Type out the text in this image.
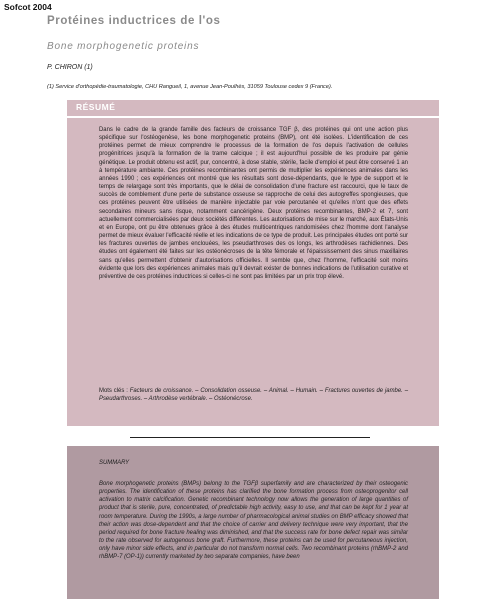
Sofcot 2004
Protéines inductrices de l'os
Bone morphogenetic proteins
P. CHIRON (1)
(1) Service d'orthopédie-traumatologie, CHU Rangueil, 1, avenue Jean-Poulhès, 31059 Toulouse cedex 9 (France).
RÉSUMÉ

Dans le cadre de la grande famille des facteurs de croissance TGF β, des protéines qui ont une action plus spécifique sur l'ostéogenèse, les bone morphogenetic proteins (BMP), ont été isolées. L'identification de ces protéines permet de mieux comprendre le processus de la formation de l'os depuis l'activation de cellules progénitrices jusqu'à la formation de la trame calcique ; il est aujourd'hui possible de les produire par génie génétique. Le produit obtenu est actif, pur, concentré, à dose stable, stérile, facile d'emploi et peut être conservé 1 an à température ambiante. Ces protéines recombinantes ont permis de multiplier les expériences animales dans les années 1990 ; ces expériences ont montré que les résultats sont dose-dépendants, que le type de support et le temps de relargage sont très importants, que le délai de consolidation d'une fracture est raccourci, que le taux de succès de comblement d'une perte de substance osseuse se rapproche de celui des autogreffes spongieuses, que ces protéines peuvent être utilisées de manière injectable par voie percutanée et qu'elles n'ont que des effets secondaires mineurs sans risque, notamment cancérigène. Deux protéines recombinantes, BMP-2 et 7, sont actuellement commercialisées par deux sociétés différentes. Les autorisations de mise sur le marché, aux États-Unis et en Europe, ont pu être obtenues grâce à des études multicentriques randomisées chez l'homme dont l'analyse permet de mieux évaluer l'efficacité réelle et les indications de ce type de produit. Les principales études ont porté sur les fractures ouvertes de jambes enclouées, les pseudarthroses des os longs, les arthrodèses rachidiennes. Des études ont également été faites sur les ostéonécroses de la tête fémorale et l'épaississement des sinus maxillaires sans qu'elles permettent d'obtenir d'autorisations officielles. Il semble que, chez l'homme, l'efficacité soit moins évidente que lors des expériences animales mais qu'il devrait exister de bonnes indications de l'utilisation curative et préventive de ces protéines inductrices si celles-ci ne sont pas limitées par un prix trop élevé.

Mots clés : Facteurs de croissance. – Consolidation osseuse. – Animal. – Humain. – Fractures ouvertes de jambe. – Pseudarthroses. – Arthrodèse vertébrale. – Ostéonécrose.

SUMMARY

Bone morphogenetic proteins (BMPs) belong to the TGFβ superfamily and are characterized by their osteogenic properties. The identification of these proteins has clarified the bone formation process from osteoprogenitor cell activation to matrix calcification. Genetic recombinant technology now allows the generation of large quantities of product that is sterile, pure, concentrated, of predictable high activity, easy to use, and that can be kept for 1 year at room temperature. During the 1990s, a large number of pharmacological animal studies on BMP efficacy showed that their action was dose-dependent and that the choice of carrier and delivery technique were very important, that the period required for bone fracture healing was diminished, and that the success rate for bone defect repair was similar to the rate observed for autogenous bone graft. Furthermore, these proteins can be used for percutaneous injection, only have minor side effects, and in particular do not transform normal cells. Two recombinant proteins (rhBMP-2 and rhBMP-7 (OP-1)) currently marketed by two separate companies, have been
